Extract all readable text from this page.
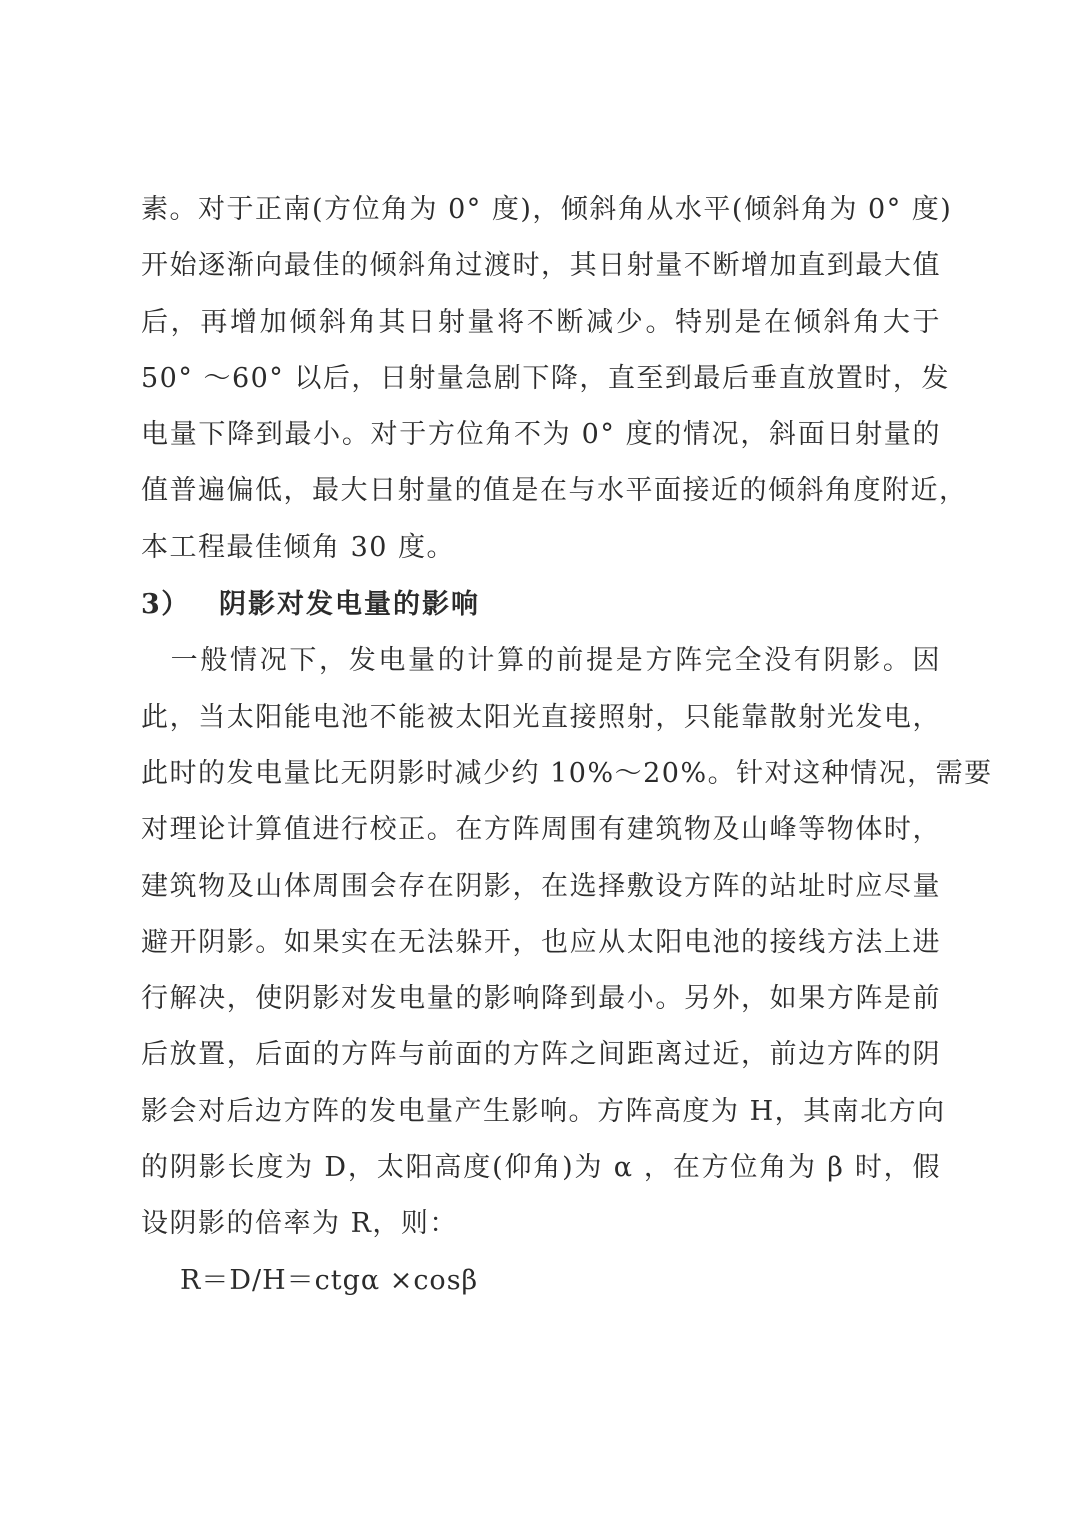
素。对于正南(方位角为 0° 度)，倾斜角从水平(倾斜角为 0° 度)
开始逐渐向最佳的倾斜角过渡时，其日射量不断增加直到最大值
后，再增加倾斜角其日射量将不断减少。特别是在倾斜角大于
50° ～60° 以后，日射量急剧下降，直至到最后垂直放置时，发
电量下降到最小。对于方位角不为 0° 度的情况，斜面日射量的
值普遍偏低，最大日射量的值是在与水平面接近的倾斜角度附近，
本工程最佳倾角 30 度。
3） 阴影对发电量的影响
　一般情况下，发电量的计算的前提是方阵完全没有阴影。因
此，当太阳能电池不能被太阳光直接照射，只能靠散射光发电，
此时的发电量比无阴影时减少约 10%～20%。针对这种情况，需要
对理论计算值进行校正。在方阵周围有建筑物及山峰等物体时，
建筑物及山体周围会存在阴影，在选择敷设方阵的站址时应尽量
避开阴影。如果实在无法躲开，也应从太阳电池的接线方法上进
行解决，使阴影对发电量的影响降到最小。另外，如果方阵是前
后放置，后面的方阵与前面的方阵之间距离过近，前边方阵的阴
影会对后边方阵的发电量产生影响。方阵高度为 H，其南北方向
的阴影长度为 D，太阳高度(仰角)为 α ，在方位角为 β 时，假
设阴影的倍率为 R，则：
R＝D/H＝ctgα ×cosβ
